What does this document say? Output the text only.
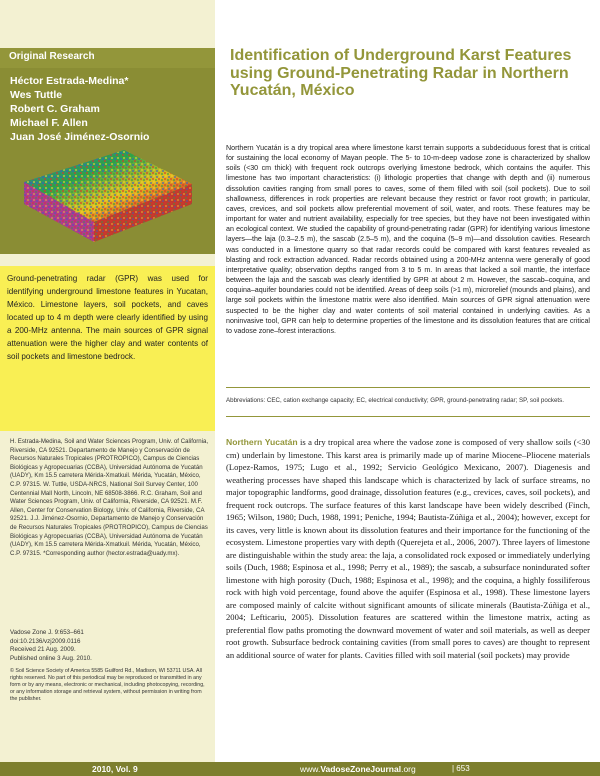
Original Research
Héctor Estrada-Medina*
Wes Tuttle
Robert C. Graham
Michael F. Allen
Juan José Jiménez-Osornio

Ground-penetrating radar (GPR) was used for identifying underground limestone features in Yucatan, México. Limestone layers, soil pockets, and caves located up to 4 m depth were clearly identified by using a 200-MHz antenna. The main sources of GPR signal attenuation were the higher clay and water contents of soil pockets and limestone bedrock.

H. Estrada-Medina, Soil and Water Sciences Program, Univ. of California, Riverside, CA 92521. Departamento de Manejo y Conservación de Recursos Naturales Tropicales (PROTROPICO), Campus de Ciencias Biológicas y Agropecuarias (CCBA), Universidad Autónoma de Yucatán (UADY), Km 15.5 carretera Mérida-Xmatkuil. Mérida, Yucatán, México, C.P. 97315. W. Tuttle, USDA-NRCS, National Soil Survey Center, 100 Centennial Mall North, Lincoln, NE 68508-3866. R.C. Graham, Soil and Water Sciences Program, Univ. of California, Riverside, CA 92521. M.F. Allen, Center for Conservation Biology, Univ. of California, Riverside, CA 92521. J.J. Jiménez-Osornio, Departamento de Manejo y Conservación de Recursos Naturales Tropicales (PROTROPICO), Campus de Ciencias Biológicas y Agropecuarias (CCBA), Universidad Autónoma de Yucatán (UADY), Km 15.5 carretera Mérida-Xmatkuil. Mérida, Yucatán, México, C.P. 97315. *Corresponding author (hector.estrada@uady.mx).

Vadose Zone J. 9:653–661
doi:10.2136/vzj2009.0116
Received 21 Aug. 2009.
Published online 3 Aug. 2010.

© Soil Science Society of America 5585 Guilford Rd., Madison, WI 53711 USA. All rights reserved. No part of this periodical may be reproduced or transmitted in any form or by any means, electronic or mechanical, including photocopying, recording, or any information storage and retrieval system, without permission in writing from the publisher.

Identification of Underground Karst Features using Ground-Penetrating Radar in Northern Yucatán, México

Northern Yucatán is a dry tropical area where limestone karst terrain supports a subdeciduous forest that is critical for sustaining the local economy of Mayan people. The 5- to 10-m-deep vadose zone is characterized by shallow soils (<30 cm thick) with frequent rock outcrops overlying limestone bedrock, which contains the aquifer. This limestone has two important characteristics: (i) lithologic properties that change with depth and (ii) numerous dissolution cavities ranging from small pores to caves, some of them filled with soil (soil pockets). Due to soil shallowness, differences in rock properties are relevant because they restrict or favor root growth; in particular, caves, crevices, and soil pockets allow preferential movement of soil, water, and roots. These features may be important for water and nutrient availability, especially for tree species, but they have not been investigated within an ecological context. We studied the capability of ground-penetrating radar (GPR) for identifying various limestone layers—the laja (0.3–2.5 m), the sascab (2.5–5 m), and the coquina (5–9 m)—and dissolution cavities. Research was conducted in a limestone quarry so that radar records could be compared with karst features revealed as blasting and rock extraction advanced. Radar records obtained using a 200-MHz antenna were generally of good interpretative quality; observation depths ranged from 3 to 5 m. In areas that lacked a soil mantle, the interface between the laja and the sascab was clearly identified by GPR at about 2 m. However, the sascab–coquina, and coquina–aquifer boundaries could not be identified. Areas of deep soils (>1 m), microrelief (mounds and plains), and large soil pockets within the limestone matrix were also identified. Main sources of GPR signal attenuation were suspected to be the higher clay and water contents of soil material contained in underlying cavities. As a noninvasive tool, GPR can help to determine properties of the limestone and its dissolution features that are critical to vadose zone–forest interactions.

Abbreviations: CEC, cation exchange capacity; EC, electrical conductivity; GPR, ground-penetrating radar; SP, soil pockets.

Northern Yucatán is a dry tropical area where the vadose zone is composed of very shallow soils (<30 cm) underlain by limestone. This karst area is primarily made up of marine Miocene–Pliocene materials (Lopez-Ramos, 1975; Lugo et al., 1992; Servicio Geológico Mexicano, 2007). Diagenesis and weathering processes have shaped this landscape which is characterized by lack of surface streams, no major topographic landforms, good drainage, dissolution features (e.g., crevices, caves, soil pockets), and frequent rock outcrops. The surface features of this karst landscape have been widely described (Finch, 1965; Wilson, 1980; Duch, 1988, 1991; Peniche, 1994; Bautista-Zúñiga et al., 2004); however, except for its caves, very little is known about its dissolution features and their importance for the functioning of the ecosystem. Limestone properties vary with depth (Querejeta et al., 2006, 2007). Three layers of limestone are distinguishable within the study area: the laja, a consolidated rock exposed or immediately underlying soils (Duch, 1988; Espinosa et al., 1998; Perry et al., 1989); the sascab, a subsurface nonindurated softer limestone with high porosity (Duch, 1988; Espinosa et al., 1998); and the coquina, a highly fossiliferous rock with high void percentage, found above the aquifer (Espinosa et al., 1998). These limestone layers are composed mainly of calcite without significant amounts of silicate minerals (Bautista-Zúñiga et al., 2004; Lefticariu, 2005). Dissolution features are scattered within the limestone matrix, acting as preferential flow paths promoting the downward movement of water and soil materials, as well as deeper root growth. Subsurface bedrock containing cavities (from small pores to caves) are thought to represent an additional source of water for plants. Cavities filled with soil material (soil pockets) may provide

2010, Vol. 9	www.VadoseZoneJournal.org	| 653
